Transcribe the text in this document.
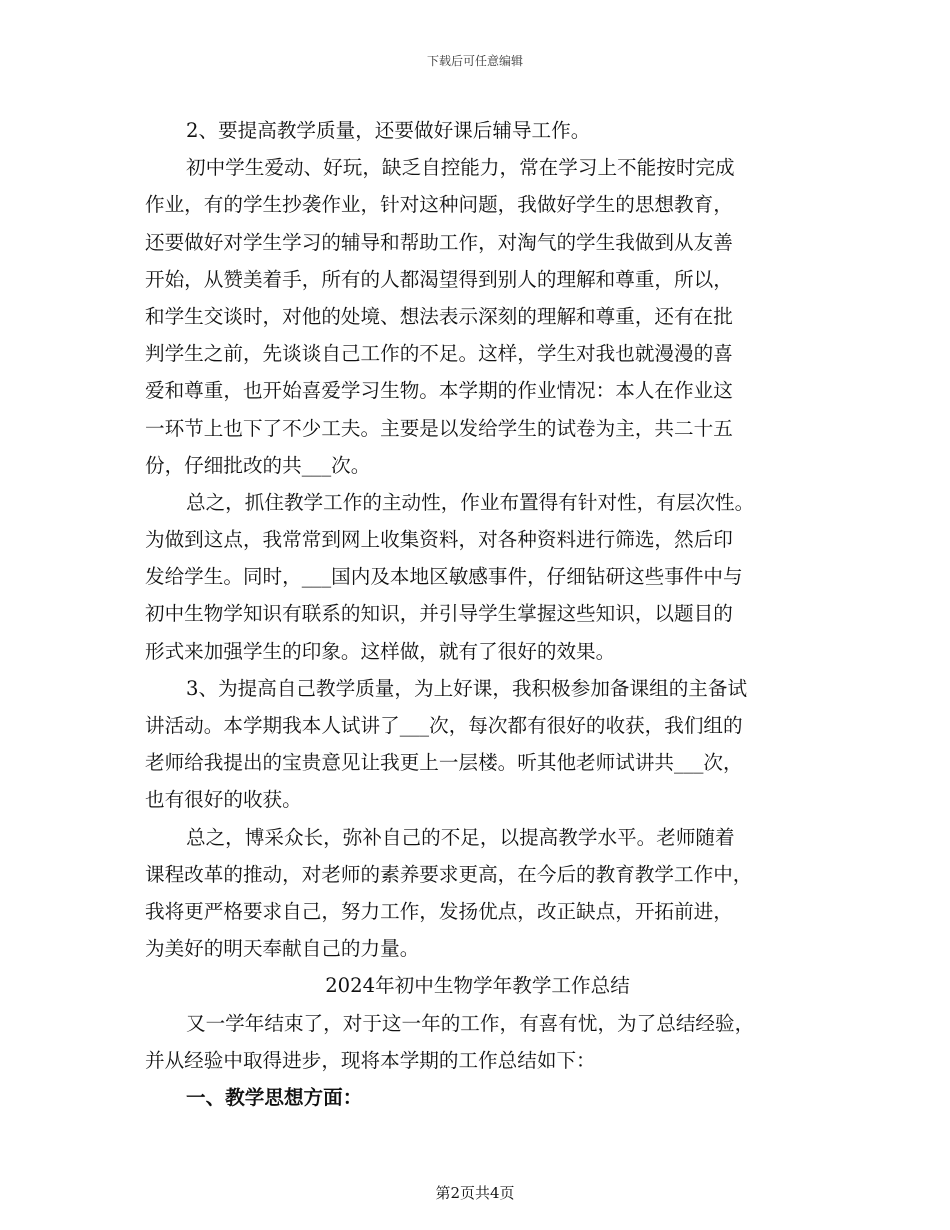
下载后可任意编辑
2、要提高教学质量，还要做好课后辅导工作。
初中学生爱动、好玩，缺乏自控能力，常在学习上不能按时完成
作业，有的学生抄袭作业，针对这种问题，我做好学生的思想教育，
还要做好对学生学习的辅导和帮助工作，对淘气的学生我做到从友善
开始，从赞美着手，所有的人都渴望得到别人的理解和尊重，所以，
和学生交谈时，对他的处境、想法表示深刻的理解和尊重，还有在批
判学生之前，先谈谈自己工作的不足。这样，学生对我也就漫漫的喜
爱和尊重，也开始喜爱学习生物。本学期的作业情况：本人在作业这
一环节上也下了不少工夫。主要是以发给学生的试卷为主，共二十五
份，仔细批改的共___次。
总之，抓住教学工作的主动性，作业布置得有针对性，有层次性。
为做到这点，我常常到网上收集资料，对各种资料进行筛选，然后印
发给学生。同时，___国内及本地区敏感事件，仔细钻研这些事件中与
初中生物学知识有联系的知识，并引导学生掌握这些知识，以题目的
形式来加强学生的印象。这样做，就有了很好的效果。
3、为提高自己教学质量，为上好课，我积极参加备课组的主备试
讲活动。本学期我本人试讲了___次，每次都有很好的收获，我们组的
老师给我提出的宝贵意见让我更上一层楼。听其他老师试讲共___次，
也有很好的收获。
总之，博采众长，弥补自己的不足，以提高教学水平。老师随着
课程改革的推动，对老师的素养要求更高，在今后的教育教学工作中，
我将更严格要求自己，努力工作，发扬优点，改正缺点，开拓前进，
为美好的明天奉献自己的力量。
2024年初中生物学年教学工作总结
又一学年结束了，对于这一年的工作，有喜有忧，为了总结经验，
并从经验中取得进步，现将本学期的工作总结如下：
一、教学思想方面：
第2页共4页
